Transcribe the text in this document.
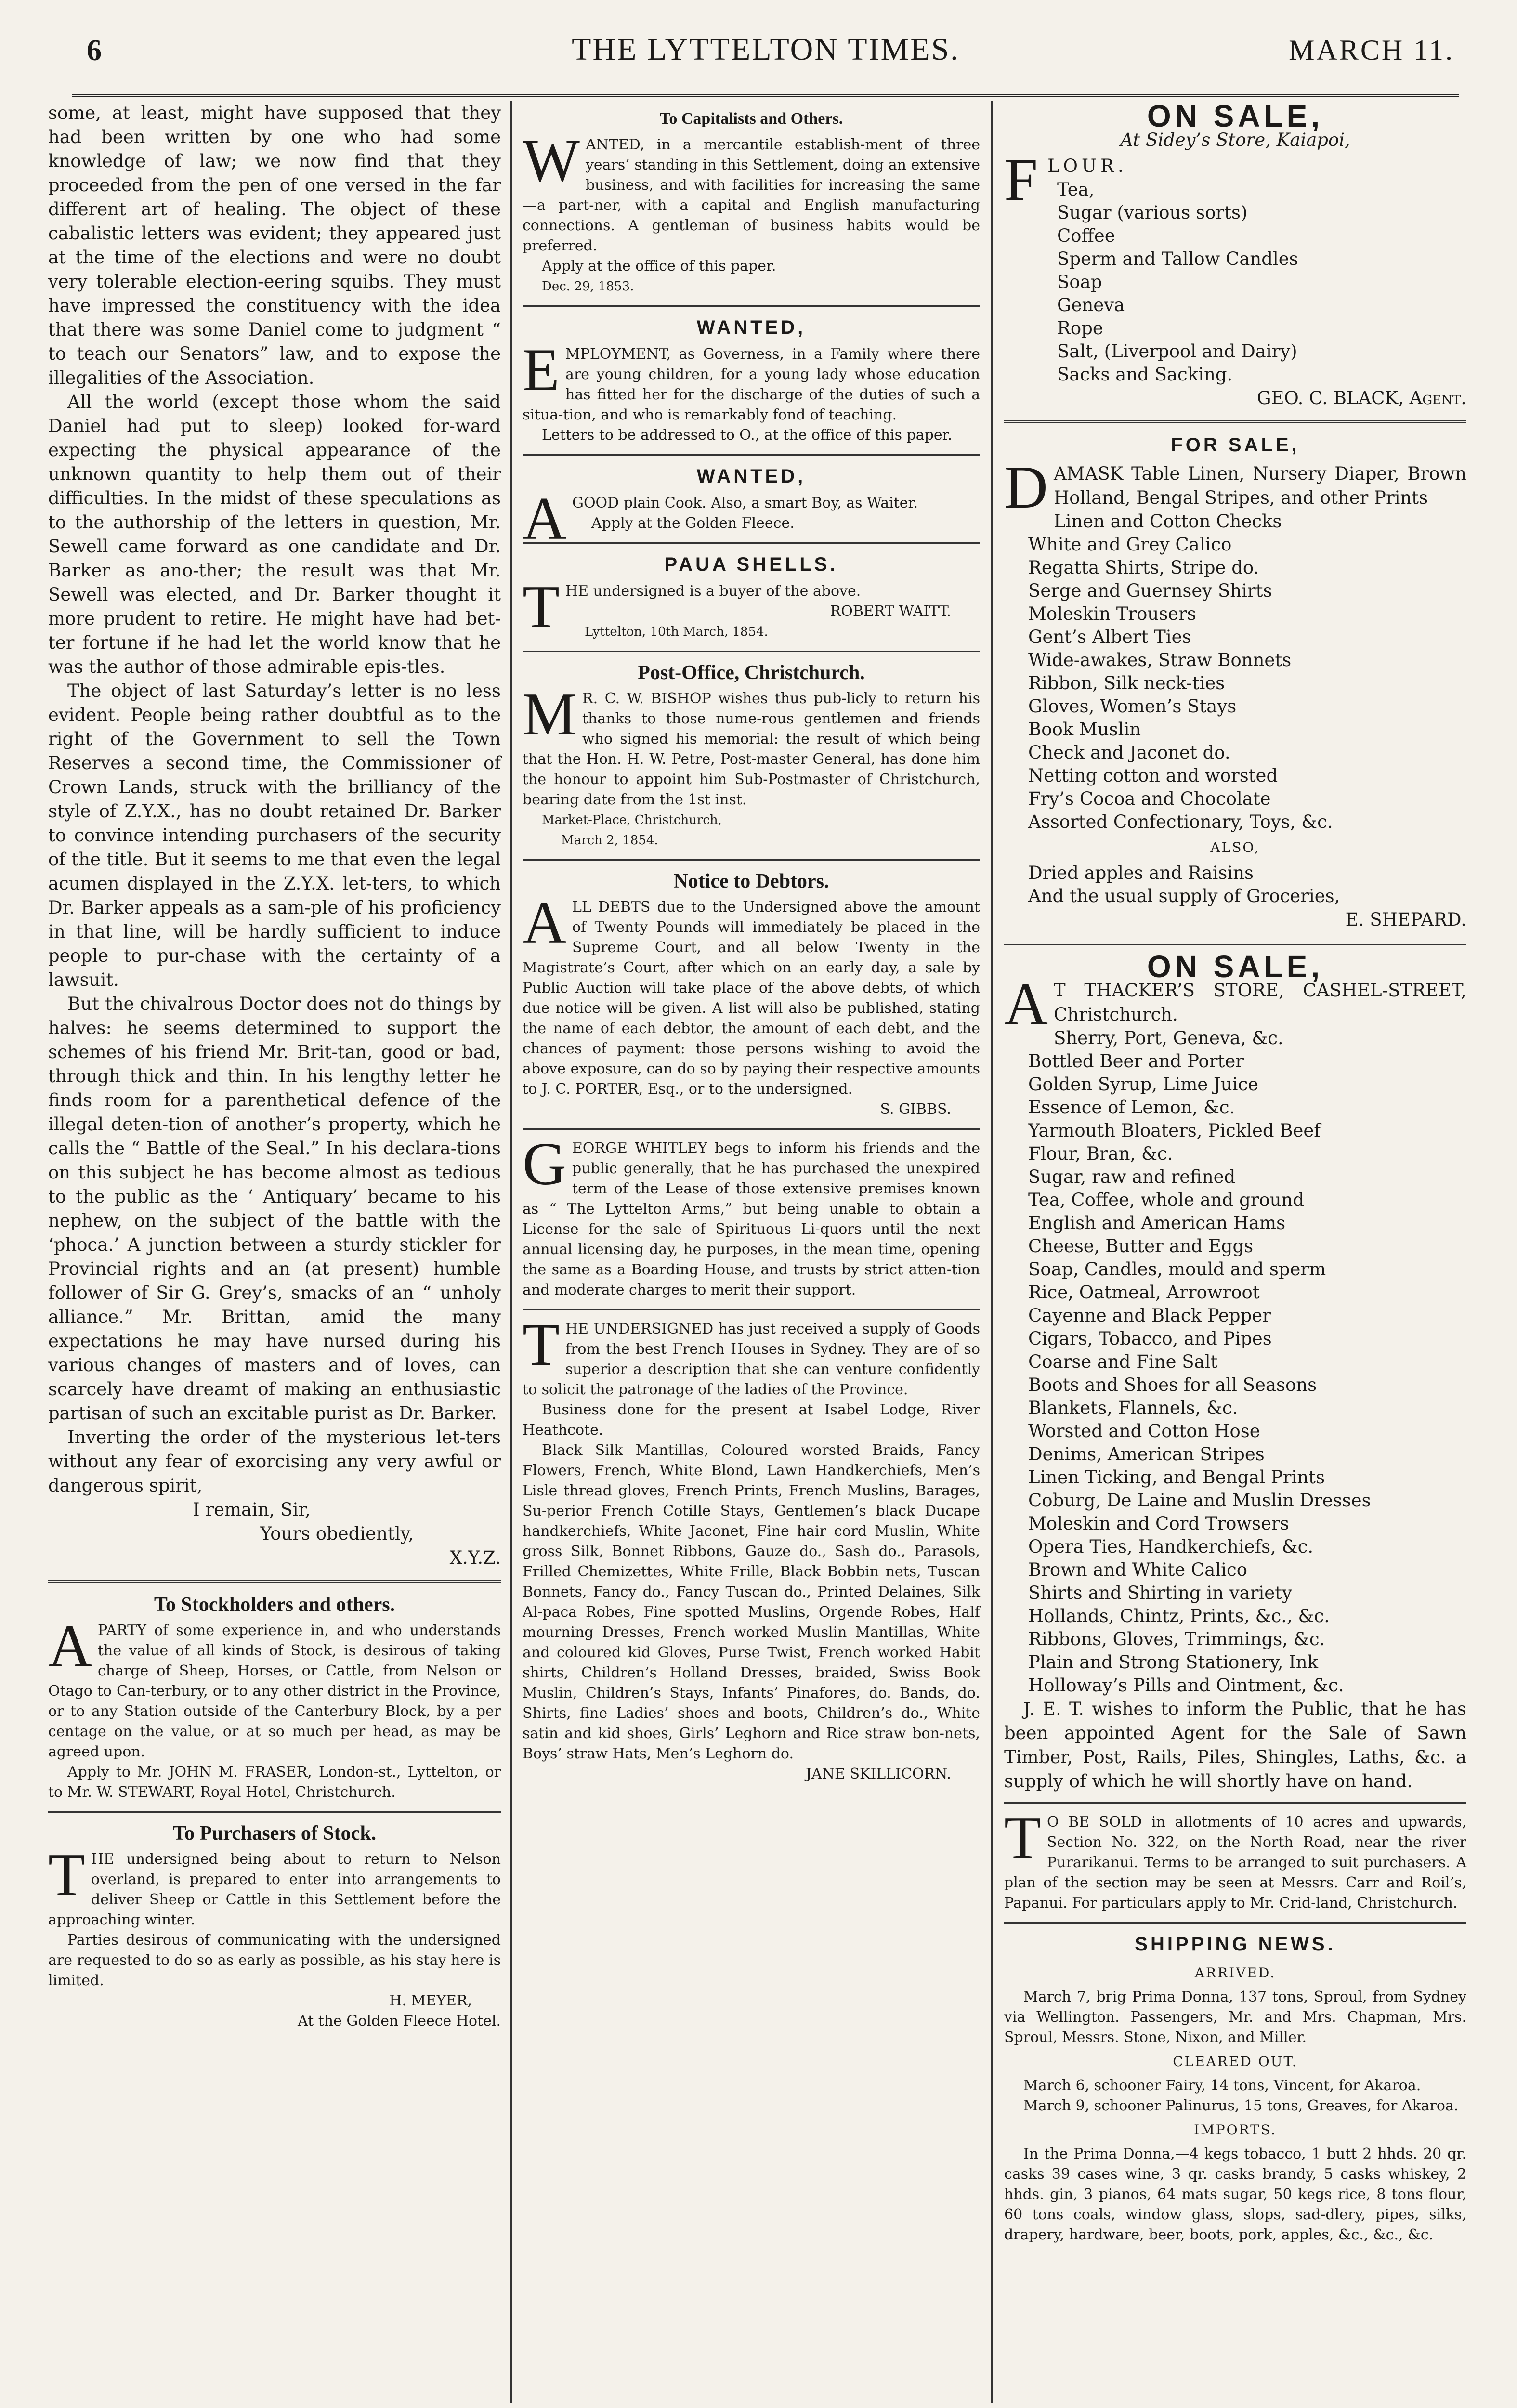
6	THE LYTTELTON TIMES.	MARCH 11.

some, at least, might have supposed that they had been written by one who had some knowledge of law; we now find that they proceeded from the pen of one versed in the far different art of healing. The object of these cabalistic letters was evident; they appeared just at the time of the elections and were no doubt very tolerable election-eering squibs. They must have impressed the constituency with the idea that there was some Daniel come to judgment “ to teach our Senators” law, and to expose the illegalities of the Association.

All the world (except those whom the said Daniel had put to sleep) looked for-ward expecting the physical appearance of the unknown quantity to help them out of their difficulties. In the midst of these speculations as to the authorship of the letters in question, Mr. Sewell came forward as one candidate and Dr. Barker as ano-ther; the result was that Mr. Sewell was elected, and Dr. Barker thought it more prudent to retire. He might have had bet-ter fortune if he had let the world know that he was the author of those admirable epis-tles.

The object of last Saturday’s letter is no less evident. People being rather doubtful as to the right of the Government to sell the Town Reserves a second time, the Commissioner of Crown Lands, struck with the brilliancy of the style of Z.Y.X., has no doubt retained Dr. Barker to convince intending purchasers of the security of the title. But it seems to me that even the legal acumen displayed in the Z.Y.X. let-ters, to which Dr. Barker appeals as a sam-ple of his proficiency in that line, will be hardly sufficient to induce people to pur-chase with the certainty of a lawsuit.

But the chivalrous Doctor does not do things by halves: he seems determined to support the schemes of his friend Mr. Brit-tan, good or bad, through thick and thin. In his lengthy letter he finds room for a parenthetical defence of the illegal deten-tion of another’s property, which he calls the “ Battle of the Seal.” In his declara-tions on this subject he has become almost as tedious to the public as the ‘ Antiquary’ became to his nephew, on the subject of the battle with the ‘phoca.’ A junction between a sturdy stickler for Provincial rights and an (at present) humble follower of Sir G. Grey’s, smacks of an “ unholy alliance.” Mr. Brittan, amid the many expectations he may have nursed during his various changes of masters and of loves, can scarcely have dreamt of making an enthusiastic partisan of such an excitable purist as Dr. Barker.

Inverting the order of the mysterious let-ters without any fear of exorcising any very awful or dangerous spirit,

I remain, Sir,
Yours obediently,
X.Y.Z.
To Stockholders and others.

APARTY of some experience in, and who understands the value of all kinds of Stock, is desirous of taking charge of Sheep, Horses, or Cattle, from Nelson or Otago to Can-terbury, or to any other district in the Province, or to any Station outside of the Canterbury Block, by a per centage on the value, or at so much per head, as may be agreed upon.

Apply to Mr. JOHN M. FRASER, London-st., Lyttelton, or to Mr. W. STEWART, Royal Hotel, Christchurch.

To Purchasers of Stock.

THE undersigned being about to return to Nelson overland, is prepared to enter into arrangements to deliver Sheep or Cattle in this Settlement before the approaching winter.

Parties desirous of communicating with the undersigned are requested to do so as early as possible, as his stay here is limited.

H. MEYER,
At the Golden Fleece Hotel.
To Capitalists and Others.

WANTED, in a mercantile establish-ment of three years’ standing in this Settlement, doing an extensive business, and with facilities for increasing the same—a part-ner, with a capital and English manufacturing connections. A gentleman of business habits would be preferred.

Apply at the office of this paper.

Dec. 29, 1853.

WANTED,

EMPLOYMENT, as Governess, in a Family where there are young children, for a young lady whose education has fitted her for the discharge of the duties of such a situa-tion, and who is remarkably fond of teaching.

Letters to be addressed to O., at the office of this paper.

WANTED,

AGOOD plain Cook. Also, a smart Boy, as Waiter.

Apply at the Golden Fleece.

PAUA SHELLS.

THE undersigned is a buyer of the above.

ROBERT WAITT.

Lyttelton, 10th March, 1854.

Post-Office, Christchurch.

MR. C. W. BISHOP wishes thus pub-licly to return his thanks to those nume-rous gentlemen and friends who signed his memorial: the result of which being that the Hon. H. W. Petre, Post-master General, has done him the honour to appoint him Sub-Postmaster of Christchurch, bearing date from the 1st inst.

Market-Place, Christchurch,

March 2, 1854.

Notice to Debtors.

ALL DEBTS due to the Undersigned above the amount of Twenty Pounds will immediately be placed in the Supreme Court, and all below Twenty in the Magistrate’s Court, after which on an early day, a sale by Public Auction will take place of the above debts, of which due notice will be given. A list will also be published, stating the name of each debtor, the amount of each debt, and the chances of payment: those persons wishing to avoid the above exposure, can do so by paying their respective amounts to J. C. PORTER, Esq., or to the undersigned.

S. GIBBS.

GEORGE WHITLEY begs to inform his friends and the public generally, that he has purchased the unexpired term of the Lease of those extensive premises known as “ The Lyttelton Arms,” but being unable to obtain a License for the sale of Spirituous Li-quors until the next annual licensing day, he purposes, in the mean time, opening the same as a Boarding House, and trusts by strict atten-tion and moderate charges to merit their support.

THE UNDERSIGNED has just received a supply of Goods from the best French Houses in Sydney. They are of so superior a description that she can venture confidently to solicit the patronage of the ladies of the Province.

Business done for the present at Isabel Lodge, River Heathcote.

Black Silk Mantillas, Coloured worsted Braids, Fancy Flowers, French, White Blond, Lawn Handkerchiefs, Men’s Lisle thread gloves, French Prints, French Muslins, Barages, Su-perior French Cotille Stays, Gentlemen’s black Ducape handkerchiefs, White Jaconet, Fine hair cord Muslin, White gross Silk, Bonnet Ribbons, Gauze do., Sash do., Parasols, Frilled Chemizettes, White Frille, Black Bobbin nets, Tuscan Bonnets, Fancy do., Fancy Tuscan do., Printed Delaines, Silk Al-paca Robes, Fine spotted Muslins, Orgende Robes, Half mourning Dresses, French worked Muslin Mantillas, White and coloured kid Gloves, Purse Twist, French worked Habit shirts, Children’s Holland Dresses, braided, Swiss Book Muslin, Children’s Stays, Infants’ Pinafores, do. Bands, do. Shirts, fine Ladies’ shoes and boots, Children’s do., White satin and kid shoes, Girls’ Leghorn and Rice straw bon-nets, Boys’ straw Hats, Men’s Leghorn do.

JANE SKILLICORN.
ON SALE,
At Sidey’s Store, Kaiapoi,

FLOUR.

Tea,
Sugar (various sorts)
Coffee
Sperm and Tallow Candles
Soap
Geneva
Rope
Salt, (Liverpool and Dairy)
Sacks and Sacking.
GEO. C. BLACK, Agent.
FOR SALE,

DAMASK Table Linen, Nursery Diaper, Brown Holland, Bengal Stripes, and other Prints

Linen and Cotton Checks
White and Grey Calico
Regatta Shirts, Stripe do.
Serge and Guernsey Shirts
Moleskin Trousers
Gent’s Albert Ties
Wide-awakes, Straw Bonnets
Ribbon, Silk neck-ties
Gloves, Women’s Stays
Book Muslin
Check and Jaconet do.
Netting cotton and worsted
Fry’s Cocoa and Chocolate
Assorted Confectionary, Toys, &c.
ALSO,
Dried apples and Raisins
And the usual supply of Groceries,
E. SHEPARD.
ON SALE,

AT THACKER’S STORE, CASHEL-STREET, Christchurch.

Sherry, Port, Geneva, &c.
Bottled Beer and Porter
Golden Syrup, Lime Juice
Essence of Lemon, &c.
Yarmouth Bloaters, Pickled Beef
Flour, Bran, &c.
Sugar, raw and refined
Tea, Coffee, whole and ground
English and American Hams
Cheese, Butter and Eggs
Soap, Candles, mould and sperm
Rice, Oatmeal, Arrowroot
Cayenne and Black Pepper
Cigars, Tobacco, and Pipes
Coarse and Fine Salt
Boots and Shoes for all Seasons
Blankets, Flannels, &c.
Worsted and Cotton Hose
Denims, American Stripes
Linen Ticking, and Bengal Prints
Coburg, De Laine and Muslin Dresses
Moleskin and Cord Trowsers
Opera Ties, Handkerchiefs, &c.
Brown and White Calico
Shirts and Shirting in variety
Hollands, Chintz, Prints, &c., &c.
Ribbons, Gloves, Trimmings, &c.
Plain and Strong Stationery, Ink
Holloway’s Pills and Ointment, &c.

J. E. T. wishes to inform the Public, that he has been appointed Agent for the Sale of Sawn Timber, Post, Rails, Piles, Shingles, Laths, &c. a supply of which he will shortly have on hand.

TO BE SOLD in allotments of 10 acres and upwards, Section No. 322, on the North Road, near the river Purarikanui. Terms to be arranged to suit purchasers. A plan of the section may be seen at Messrs. Carr and Roil’s, Papanui. For particulars apply to Mr. Crid-land, Christchurch.

SHIPPING NEWS.
ARRIVED.

March 7, brig Prima Donna, 137 tons, Sproul, from Sydney via Wellington. Passengers, Mr. and Mrs. Chapman, Mrs. Sproul, Messrs. Stone, Nixon, and Miller.

CLEARED OUT.

March 6, schooner Fairy, 14 tons, Vincent, for Akaroa.

March 9, schooner Palinurus, 15 tons, Greaves, for Akaroa.

IMPORTS.

In the Prima Donna,—4 kegs tobacco, 1 butt 2 hhds. 20 qr. casks 39 cases wine, 3 qr. casks brandy, 5 casks whiskey, 2 hhds. gin, 3 pianos, 64 mats sugar, 50 kegs rice, 8 tons flour, 60 tons coals, window glass, slops, sad-dlery, pipes, silks, drapery, hardware, beer, boots, pork, apples, &c., &c., &c.
